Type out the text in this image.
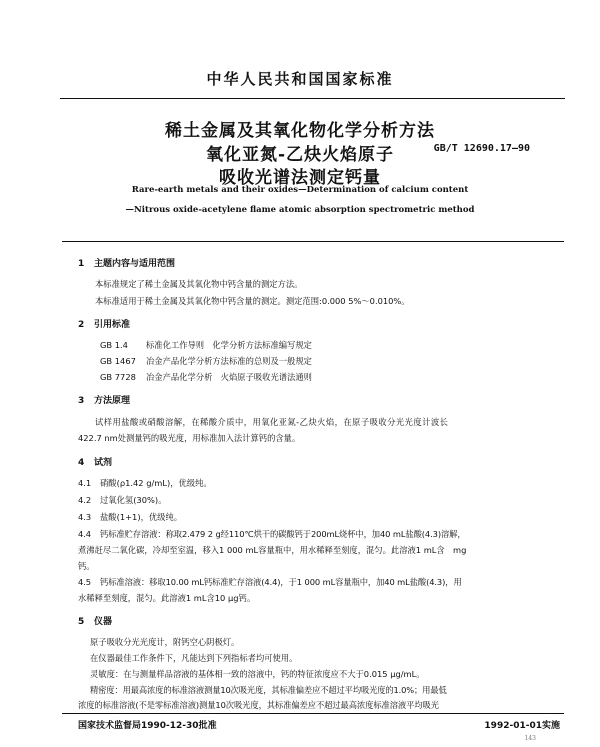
中华人民共和国国家标准
稀土金属及其氧化物化学分析方法
氧化亚氮-乙炔火焰原子
吸收光谱法测定钙量
GB/T 12690.17—90
Rare-earth metals and their oxides—Determination of calcium content
—Nitrous oxide-acetylene flame atomic absorption spectrometric method
1 主题内容与适用范围
本标准规定了稀土金属及其氧化物中钙含量的测定方法。
本标准适用于稀土金属及其氧化物中钙含量的测定。测定范围:0.000 5%～0.010%。
2 引用标准
GB 1.4 标准化工作导则　化学分析方法标准编写规定
GB 1467 冶金产品化学分析方法标准的总则及一般规定
GB 7728 冶金产品化学分析　火焰原子吸收光谱法通则
3 方法原理
试样用盐酸或硝酸溶解，在稀酸介质中，用氧化亚氮-乙炔火焰，在原子吸收分光光度计波长
422.7 nm处测量钙的吸光度，用标准加入法计算钙的含量。
4 试剂
4.1 硝酸(ρ1.42 g/mL)，优级纯。
4.2 过氧化氢(30%)。
4.3 盐酸(1+1)，优级纯。
4.4 钙标准贮存溶液：称取2.479 2 g经110℃烘干的碳酸钙于200mL烧杯中，加40 mL盐酸(4.3)溶解，
煮沸赶尽二氧化碳，冷却至室温，移入1 000 mL容量瓶中，用水稀释至刻度，混匀。此溶液1 mL含　mg
钙。
4.5 钙标准溶液：移取10.00 mL钙标准贮存溶液(4.4)，于1 000 mL容量瓶中，加40 mL盐酸(4.3)，用
水稀释至刻度，混匀。此溶液1 mL含10 μg钙。
5 仪器
原子吸收分光光度计，附钙空心阴极灯。
在仪器最佳工作条件下，凡能达到下列指标者均可使用。
灵敏度：在与测量样品溶液的基体相一致的溶液中，钙的特征浓度应不大于0.015 μg/mL。
精密度：用最高浓度的标准溶液测量10次吸光度，其标准偏差应不超过平均吸光度的1.0%；用最低
浓度的标准溶液(不是零标准溶液)测量10次吸光度，其标准偏差应不超过最高浓度标准溶液平均吸光
国家技术监督局1990-12-30批准	1992-01-01实施
143
